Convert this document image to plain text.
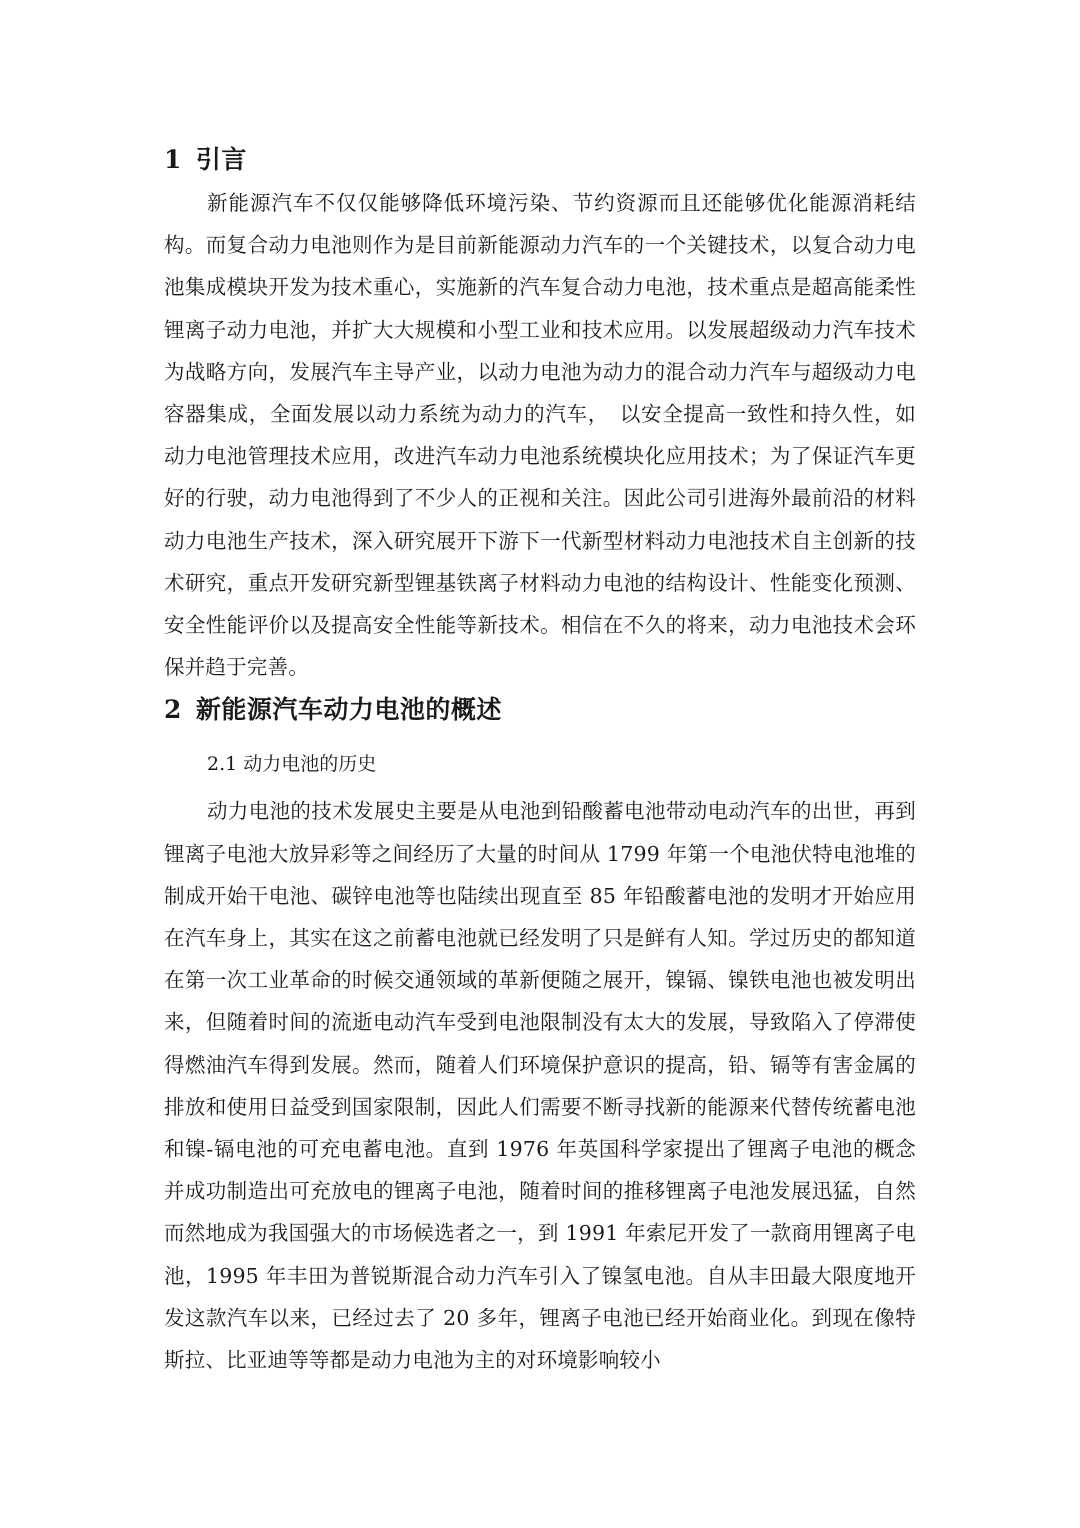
1 引言

新能源汽车不仅仅能够降低环境污染、节约资源而且还能够优化能源消耗结构。而复合动力电池则作为是目前新能源动力汽车的一个关键技术，以复合动力电池集成模块开发为技术重心，实施新的汽车复合动力电池，技术重点是超高能柔性锂离子动力电池，并扩大大规模和小型工业和技术应用。以发展超级动力汽车技术为战略方向，发展汽车主导产业，以动力电池为动力的混合动力汽车与超级动力电容器集成，全面发展以动力系统为动力的汽车，　以安全提高一致性和持久性，如动力电池管理技术应用，改进汽车动力电池系统模块化应用技术；为了保证汽车更好的行驶，动力电池得到了不少人的正视和关注。因此公司引进海外最前沿的材料动力电池生产技术，深入研究展开下游下一代新型材料动力电池技术自主创新的技术研究，重点开发研究新型锂基铁离子材料动力电池的结构设计、性能变化预测、安全性能评价以及提高安全性能等新技术。相信在不久的将来，动力电池技术会环保并趋于完善。

2 新能源汽车动力电池的概述
2.1 动力电池的历史

动力电池的技术发展史主要是从电池到铅酸蓄电池带动电动汽车的出世，再到锂离子电池大放异彩等之间经历了大量的时间从 1799 年第一个电池伏特电池堆的制成开始干电池、碳锌电池等也陆续出现直至 85 年铅酸蓄电池的发明才开始应用在汽车身上，其实在这之前蓄电池就已经发明了只是鲜有人知。学过历史的都知道在第一次工业革命的时候交通领域的革新便随之展开，镍镉、镍铁电池也被发明出来，但随着时间的流逝电动汽车受到电池限制没有太大的发展，导致陷入了停滞使得燃油汽车得到发展。然而，随着人们环境保护意识的提高，铅、镉等有害金属的排放和使用日益受到国家限制，因此人们需要不断寻找新的能源来代替传统蓄电池和镍-镉电池的可充电蓄电池。直到 1976 年英国科学家提出了锂离子电池的概念并成功制造出可充放电的锂离子电池，随着时间的推移锂离子电池发展迅猛，自然而然地成为我国强大的市场候选者之一，到 1991 年索尼开发了一款商用锂离子电池，1995 年丰田为普锐斯混合动力汽车引入了镍氢电池。自从丰田最大限度地开发这款汽车以来，已经过去了 20 多年，锂离子电池已经开始商业化。到现在像特斯拉、比亚迪等等都是动力电池为主的对环境影响较小
